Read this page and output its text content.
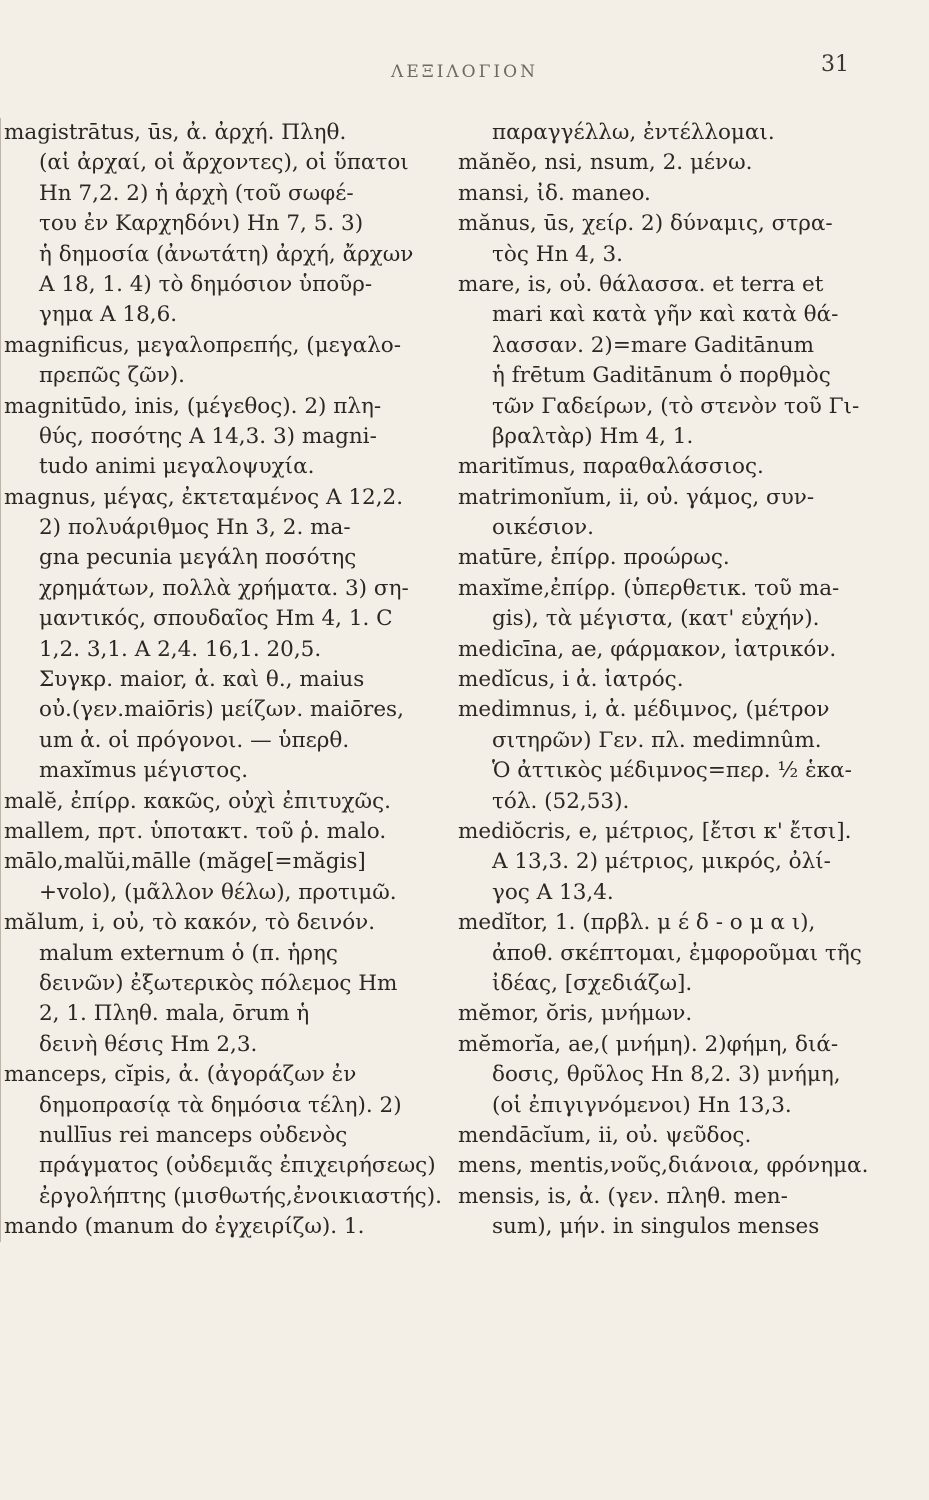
ΛΕΞΙΛΟΓΙΟΝ	31
magistrātus, ūs, ἀ. ἀρχή. Πληθ.
(αἱ ἀρχαί, οἱ ἄρχοντες), οἱ ὕπατοι
Hn 7,2. 2) ἡ ἀρχὴ (τοῦ σωφέ-
του ἐν Καρχηδόνι) Hn 7, 5. 3)
ἡ δημοσία (ἀνωτάτη) ἀρχή, ἄρχων
A 18, 1. 4) τὸ δημόσιον ὑποῦρ-
γημα A 18,6.
magnificus, μεγαλοπρεπής, (μεγαλο-
πρεπῶς ζῶν).
magnitūdo, inis, (μέγεθος). 2) πλη-
θύς, ποσότης A 14,3. 3) magni-
tudo animi μεγαλοψυχία.
magnus, μέγας, ἐκτεταμένος A 12,2.
2) πολυάριθμος Hn 3, 2. ma-
gna pecunia μεγάλη ποσότης
χρημάτων, πολλὰ χρήματα. 3) ση-
μαντικός, σπουδαῖος Hm 4, 1. C
1,2. 3,1. A 2,4. 16,1. 20,5.
Συγκρ. maior, ἀ. καὶ θ., maius
οὐ.(γεν.maiōris) μείζων. maiōres,
um ἀ. οἱ πρόγονοι. — ὑπερθ.
maxĭmus μέγιστος.
malĕ, ἐπίρρ. κακῶς, οὐχὶ ἐπιτυχῶς.
mallem, πρτ. ὑποτακτ. τοῦ ῥ. malo.
mālo,malŭi,mālle (măge[=măgis]
+volo), (μᾶλλον θέλω), προτιμῶ.
mălum, i, οὐ, τὸ κακόν, τὸ δεινόν.
malum externum ὁ (π. ἡρης
δεινῶν) ἐξωτερικὸς πόλεμος Hm
2, 1. Πληθ. mala, ōrum ἡ
δεινὴ θέσις Hm 2,3.
manceps, cĭpis, ἀ. (ἀγοράζων ἐν
δημοπρασίᾳ τὰ δημόσια τέλη). 2)
nullīus rei manceps οὐδενὸς
πράγματος (οὐδεμιᾶς ἐπιχειρήσεως)
ἐργολήπτης (μισθωτής,ἐνοικιαστής).
mando (manum do ἐγχειρίζω). 1.
παραγγέλλω, ἐντέλλομαι.
mănĕo, nsi, nsum, 2. μένω.
mansi, ἰδ. maneo.
mănus, ūs, χείρ. 2) δύναμις, στρα-
τὸς Hn 4, 3.
mare, is, οὐ. θάλασσα. et terra et
mari καὶ κατὰ γῆν καὶ κατὰ θά-
λασσαν. 2)=mare Gaditānum
ἡ frētum Gaditānum ὁ πορθμὸς
τῶν Γαδείρων, (τὸ στενὸν τοῦ Γι-
βραλτὰρ) Hm 4, 1.
maritĭmus, παραθαλάσσιος.
matrimonĭum, ii, οὐ. γάμος, συν-
οικέσιον.
matūre, ἐπίρρ. προώρως.
maxĭme,ἐπίρρ. (ὑπερθετικ. τοῦ ma-
gis), τὰ μέγιστα, (κατ' εὐχήν).
medicīna, ae, φάρμακον, ἰατρικόν.
medĭcus, i ἀ. ἰατρός.
medimnus, i, ἀ. μέδιμνος, (μέτρον
σιτηρῶν) Γεν. πλ. medimnûm.
Ὁ ἀττικὸς μέδιμνος=περ. ½ ἑκα-
τόλ. (52,53).
mediŏcris, e, μέτριος, [ἔτσι κ' ἔτσι].
A 13,3. 2) μέτριος, μικρός, ὀλί-
γος A 13,4.
medĭtor, 1. (πρβλ. μ έ δ - ο μ α ι),
ἀποθ. σκέπτομαι, ἐμφοροῦμαι τῆς
ἰδέας, [σχεδιάζω].
mĕmor, ŏris, μνήμων.
mĕmorĭa, ae,( μνήμη). 2)φήμη, διά-
δοσις, θρῦλος Hn 8,2. 3) μνήμη,
(οἱ ἐπιγιγνόμενοι) Hn 13,3.
mendācĭum, ii, οὐ. ψεῦδος.
mens, mentis,νοῦς,διάνοια, φρόνημα.
mensis, is, ἀ. (γεν. πληθ. men-
sum), μήν. in singulos menses
